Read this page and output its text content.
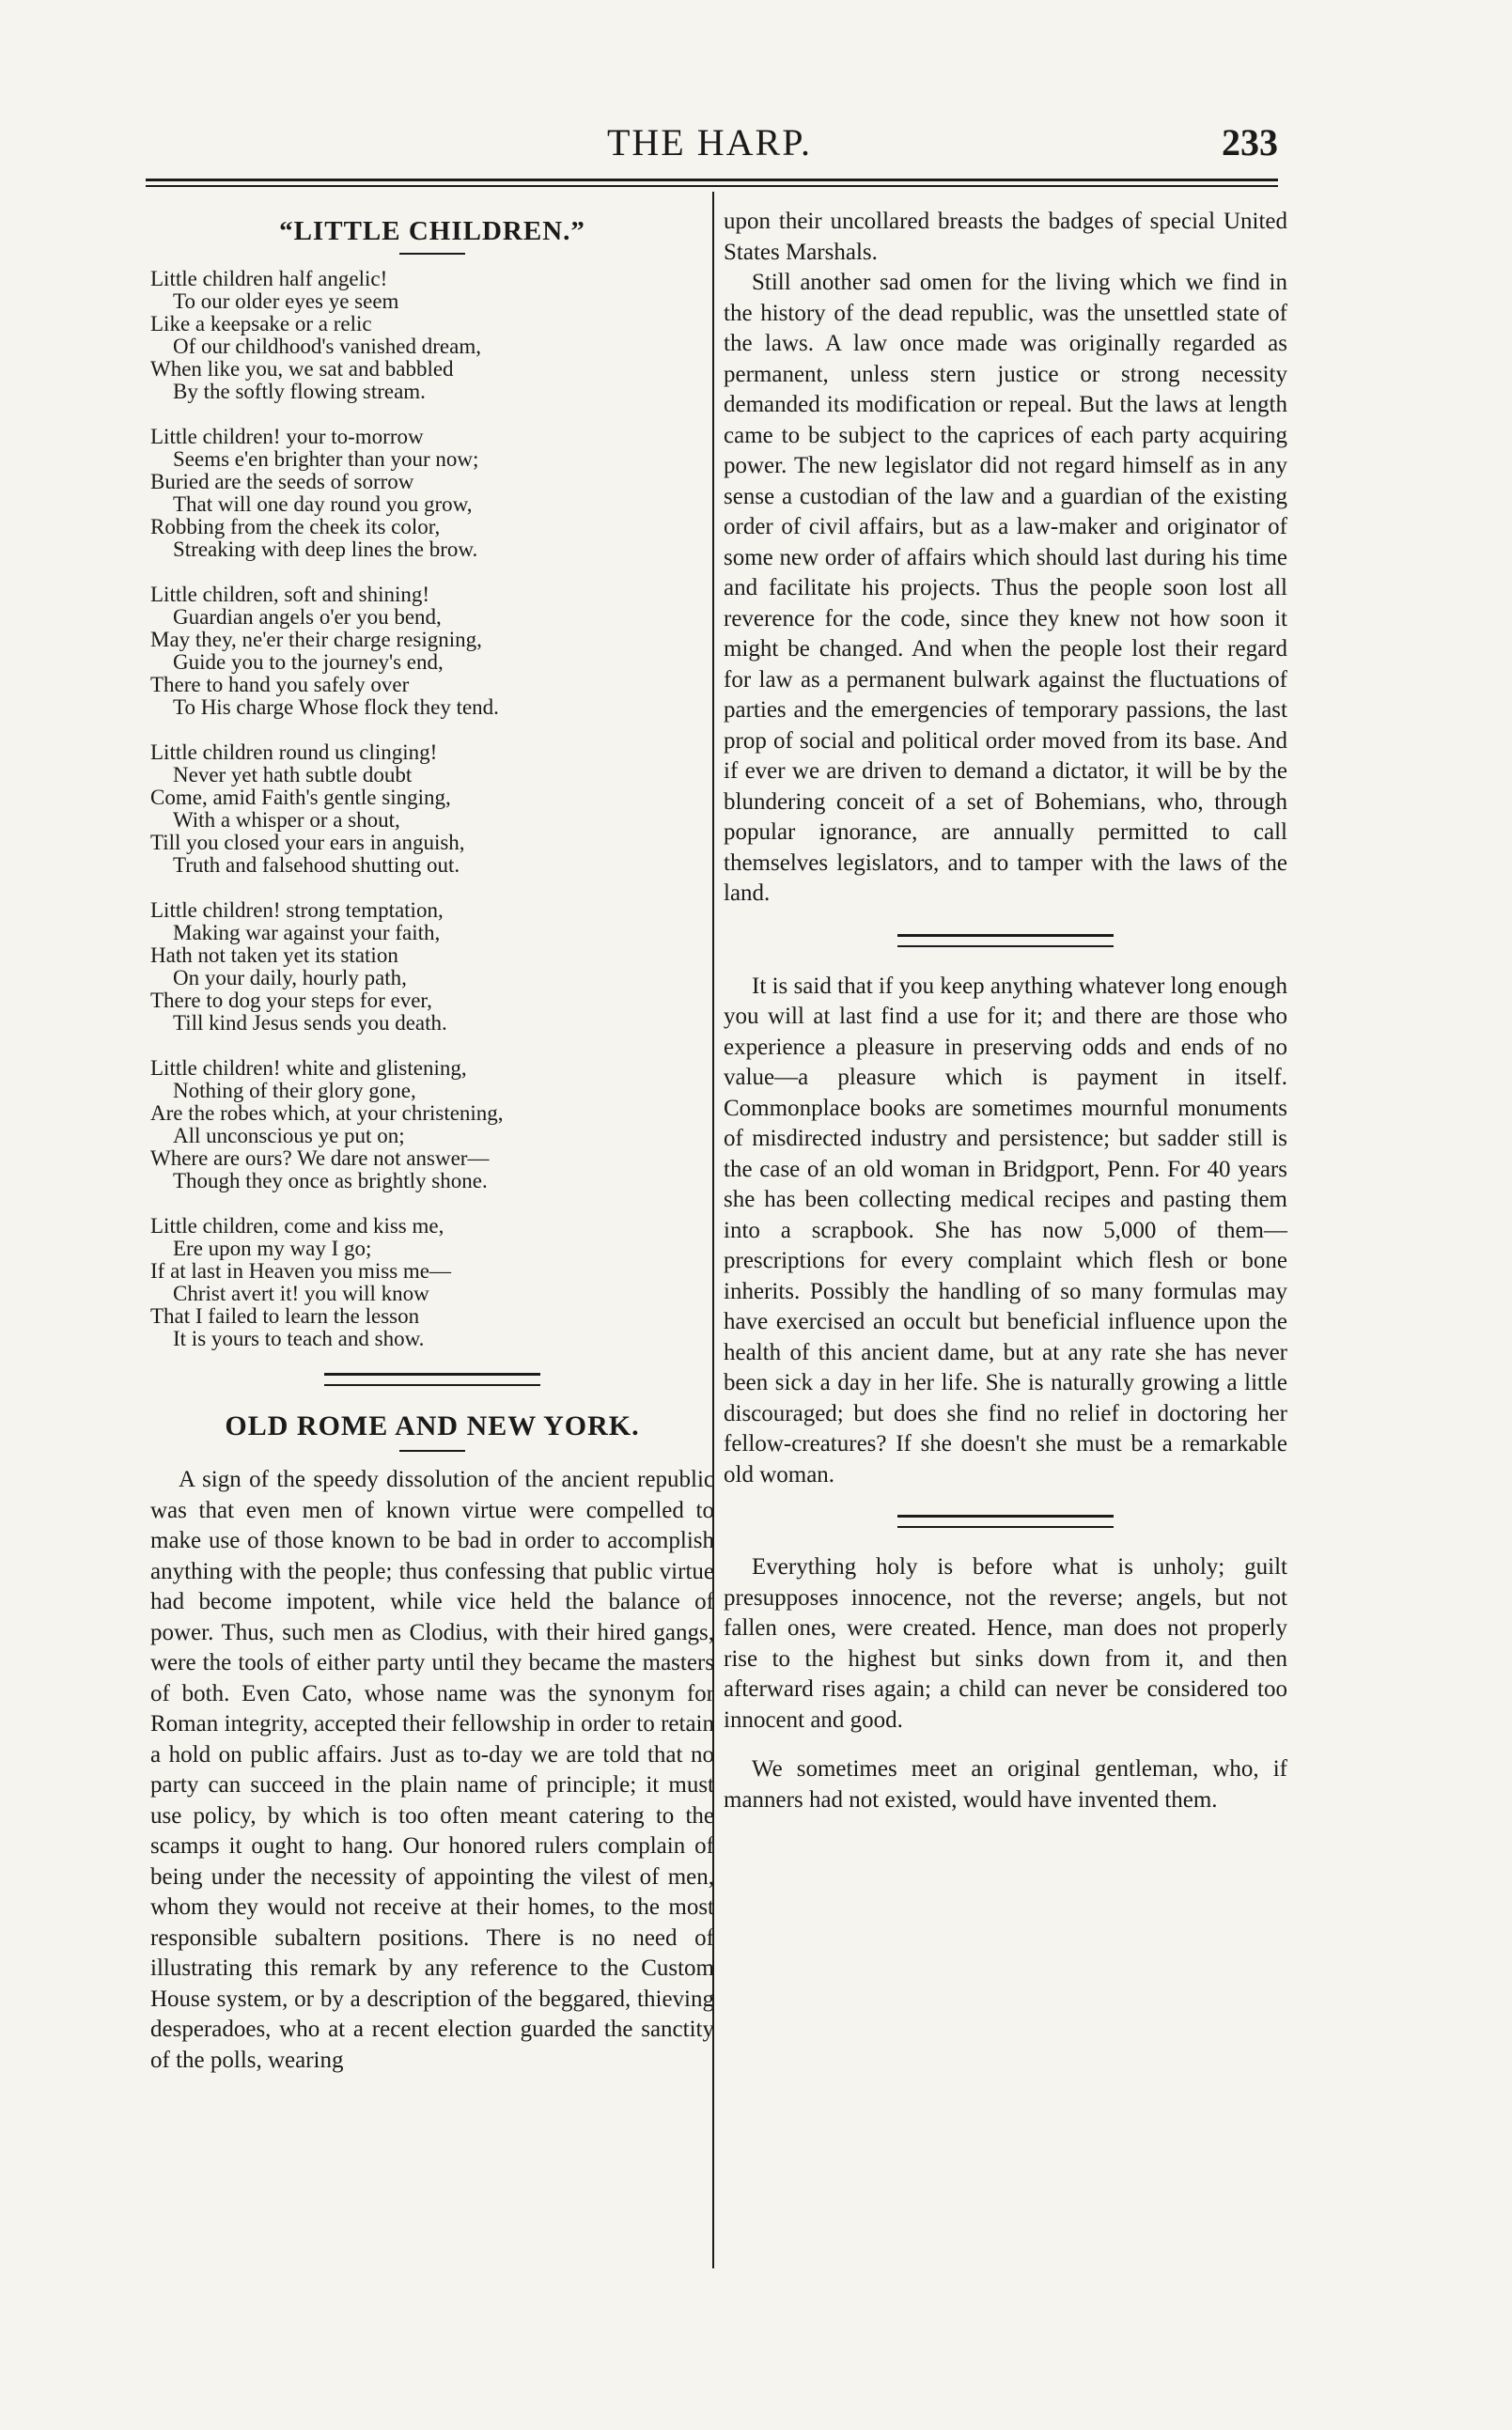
THE HARP.	233
“LITTLE CHILDREN.”
Little children half angelic!
To our older eyes ye seem
Like a keepsake or a relic
Of our childhood's vanished dream,
When like you, we sat and babbled
By the softly flowing stream.
Little children! your to-morrow
Seems e'en brighter than your now;
Buried are the seeds of sorrow
That will one day round you grow,
Robbing from the cheek its color,
Streaking with deep lines the brow.
Little children, soft and shining!
Guardian angels o'er you bend,
May they, ne'er their charge resigning,
Guide you to the journey's end,
There to hand you safely over
To His charge Whose flock they tend.
Little children round us clinging!
Never yet hath subtle doubt
Come, amid Faith's gentle singing,
With a whisper or a shout,
Till you closed your ears in anguish,
Truth and falsehood shutting out.
Little children! strong temptation,
Making war against your faith,
Hath not taken yet its station
On your daily, hourly path,
There to dog your steps for ever,
Till kind Jesus sends you death.
Little children! white and glistening,
Nothing of their glory gone,
Are the robes which, at your christening,
All unconscious ye put on;
Where are ours? We dare not answer—
Though they once as brightly shone.
Little children, come and kiss me,
Ere upon my way I go;
If at last in Heaven you miss me—
Christ avert it! you will know
That I failed to learn the lesson
It is yours to teach and show.
OLD ROME AND NEW YORK.

A sign of the speedy dissolution of the ancient republic was that even men of known virtue were compelled to make use of those known to be bad in order to accomplish anything with the people; thus confessing that public virtue had become impotent, while vice held the balance of power. Thus, such men as Clodius, with their hired gangs, were the tools of either party until they became the masters of both. Even Cato, whose name was the synonym for Roman integrity, accepted their fellowship in order to retain a hold on public affairs. Just as to-day we are told that no party can succeed in the plain name of principle; it must use policy, by which is too often meant catering to the scamps it ought to hang. Our honored rulers complain of being under the necessity of appointing the vilest of men, whom they would not receive at their homes, to the most responsible subaltern positions. There is no need of illustrating this remark by any reference to the Custom House system, or by a description of the beggared, thieving desperadoes, who at a recent election guarded the sanctity of the polls, wearing

upon their uncollared breasts the badges of special United States Marshals.

Still another sad omen for the living which we find in the history of the dead republic, was the unsettled state of the laws. A law once made was originally regarded as permanent, unless stern justice or strong necessity demanded its modification or repeal. But the laws at length came to be subject to the caprices of each party acquiring power. The new legislator did not regard himself as in any sense a custodian of the law and a guardian of the existing order of civil affairs, but as a law-maker and originator of some new order of affairs which should last during his time and facilitate his projects. Thus the people soon lost all reverence for the code, since they knew not how soon it might be changed. And when the people lost their regard for law as a permanent bulwark against the fluctuations of parties and the emergencies of temporary passions, the last prop of social and political order moved from its base. And if ever we are driven to demand a dictator, it will be by the blundering conceit of a set of Bohemians, who, through popular ignorance, are annually permitted to call themselves legislators, and to tamper with the laws of the land.

It is said that if you keep anything whatever long enough you will at last find a use for it; and there are those who experience a pleasure in preserving odds and ends of no value—a pleasure which is payment in itself. Commonplace books are sometimes mournful monuments of misdirected industry and persistence; but sadder still is the case of an old woman in Bridgport, Penn. For 40 years she has been collecting medical recipes and pasting them into a scrapbook. She has now 5,000 of them—prescriptions for every complaint which flesh or bone inherits. Possibly the handling of so many formulas may have exercised an occult but beneficial influence upon the health of this ancient dame, but at any rate she has never been sick a day in her life. She is naturally growing a little discouraged; but does she find no relief in doctoring her fellow-creatures? If she doesn't she must be a remarkable old woman.

Everything holy is before what is unholy; guilt presupposes innocence, not the reverse; angels, but not fallen ones, were created. Hence, man does not properly rise to the highest but sinks down from it, and then afterward rises again; a child can never be considered too innocent and good.

We sometimes meet an original gentleman, who, if manners had not existed, would have invented them.
